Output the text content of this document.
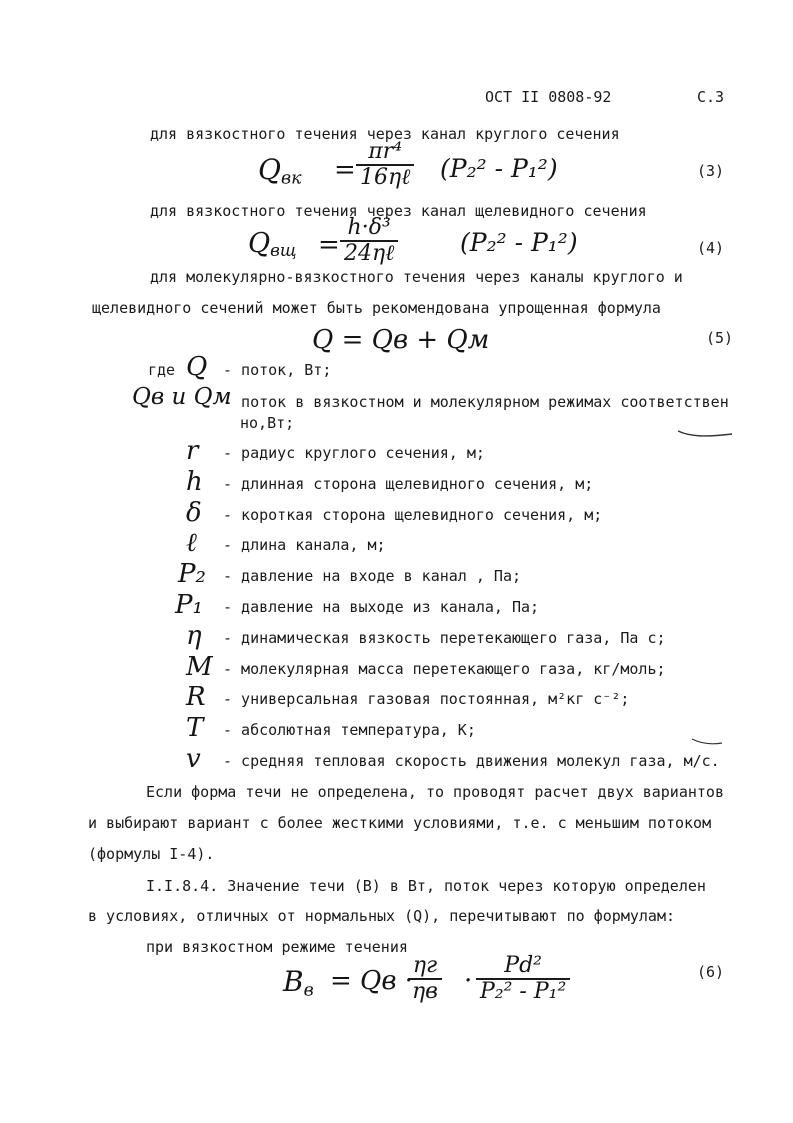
ОСТ II 0808-92	С.3
для вязкостного течения через канал круглого сечения
$Q_{вк}$ =
πr⁴
16ηℓ (P₂² - P₁²)	(3)
для вязкостного течения через канал щелевидного сечения
$Q_{вщ}$ =
h·δ³
24ηℓ	(P₂² - P₁²)	(4)
для молекулярно-вязкостного течения через каналы круглого и
щелевидного сечений может быть рекомендована упрощенная формула
Q = Qв + Qм	(5)
где Q - поток, Вт;
Qв и Qм
- поток в вязкостном и молекулярном режимах соответствен
но,Вт;
r - радиус круглого сечения, м;
h - длинная сторона щелевидного сечения, м;
δ - короткая сторона щелевидного сечения, м;
ℓ - длина канала, м;
P₂ - давление на входе в канал , Па;
P₁ - давление на выходе из канала, Па;
η - динамическая вязкость перетекающего газа, Па с;
M - молекулярная масса перетекающего газа, кг/моль;
R - универсальная газовая постоянная, м²кг с⁻²;
T - абсолютная температура, К;
v - средняя тепловая скорость движения молекул газа, м/с.
Если форма течи не определена, то проводят расчет двух вариантов
и выбирают вариант с более жесткими условиями, т.е. с меньшим потоком
(формулы I-4).
I.I.8.4. Значение течи (B) в Вт, поток через которую определен
в условиях, отличных от нормальных (Q), перечитывают по формулам:
при вязкостном режиме течения
$B_в$ = Qв ·
ηг
ηв ·
Pd²
P₂² - P₁²
(6)
